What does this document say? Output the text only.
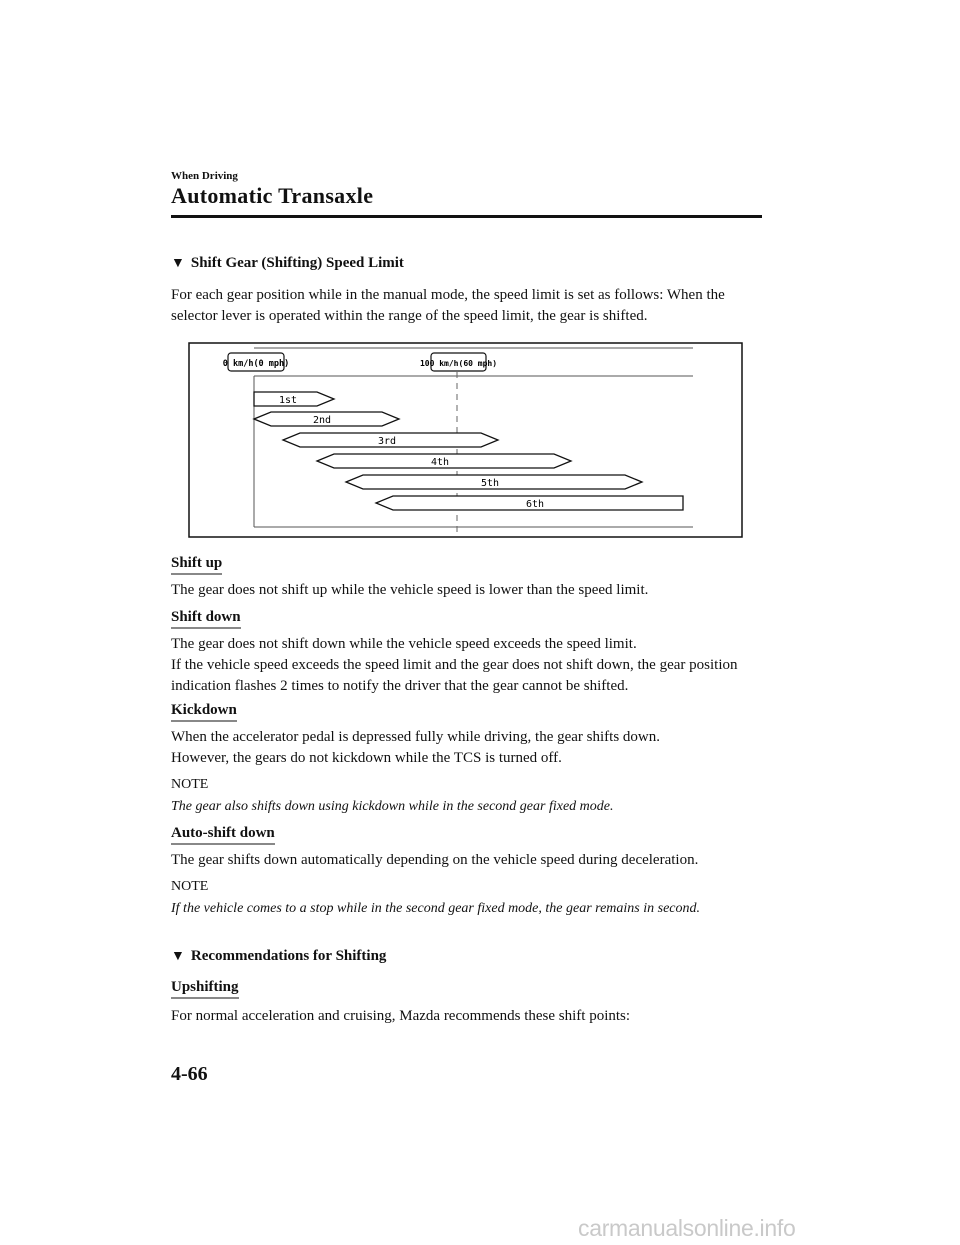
When Driving
Automatic Transaxle
▼ Shift Gear (Shifting) Speed Limit
For each gear position while in the manual mode, the speed limit is set as follows: When the selector lever is operated within the range of the speed limit, the gear is shifted.
0 km/h(0 mph)	100 km/h(60 mph)
1st
2nd
3rd
4th
5th
6th
Shift up
The gear does not shift up while the vehicle speed is lower than the speed limit.
Shift down
The gear does not shift down while the vehicle speed exceeds the speed limit.
If the vehicle speed exceeds the speed limit and the gear does not shift down, the gear position indication flashes 2 times to notify the driver that the gear cannot be shifted.
Kickdown
When the accelerator pedal is depressed fully while driving, the gear shifts down.
However, the gears do not kickdown while the TCS is turned off.
NOTE
The gear also shifts down using kickdown while in the second gear fixed mode.
Auto-shift down
The gear shifts down automatically depending on the vehicle speed during deceleration.
NOTE
If the vehicle comes to a stop while in the second gear fixed mode, the gear remains in second.
▼ Recommendations for Shifting
Upshifting
For normal acceleration and cruising, Mazda recommends these shift points:
4-66
carmanualsonline.info
